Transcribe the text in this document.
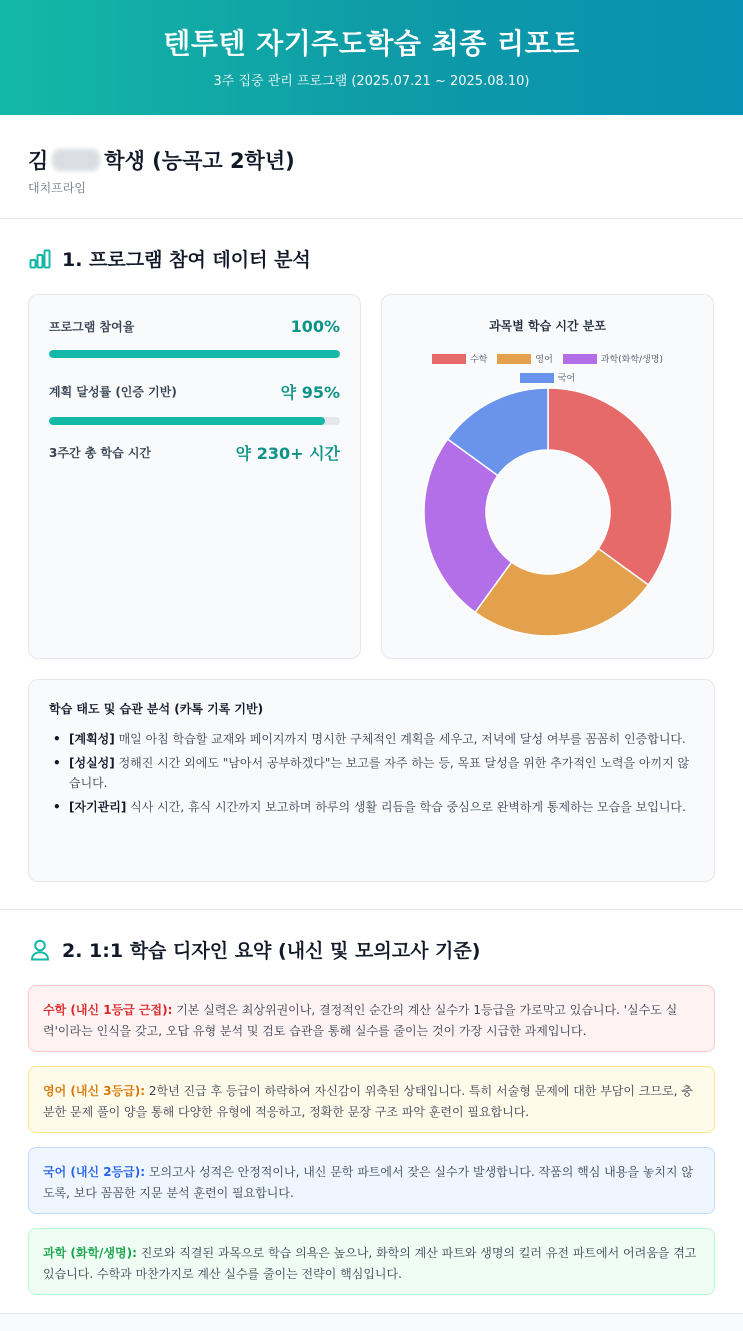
텐투텐 자기주도학습 최종 리포트
3주 집중 관리 프로그램 (2025.07.21 ~ 2025.08.10)
김	학생 (능곡고 2학년)
대치프라임
1. 프로그램 참여 데이터 분석
프로그램 참여율	100%
계획 달성률 (인증 기반)	약 95%
3주간 총 학습 시간	약 230+ 시간
과목별 학습 시간 분포
수학	영어	과학(화학/생명)
국어
학습 태도 및 습관 분석 (카톡 기록 기반)
• [계획성] 매일 아침 학습할 교재와 페이지까지 명시한 구체적인 계획을 세우고, 저녁에 달성 여부를 꼼꼼히 인증합니다.
• [성실성] 정해진 시간 외에도 "남아서 공부하겠다"는 보고를 자주 하는 등, 목표 달성을 위한 추가적인 노력을 아끼지 않습니다.
• [자기관리] 식사 시간, 휴식 시간까지 보고하며 하루의 생활 리듬을 학습 중심으로 완벽하게 통제하는 모습을 보입니다.
2. 1:1 학습 디자인 요약 (내신 및 모의고사 기준)
수학 (내신 1등급 근접): 기본 실력은 최상위권이나, 결정적인 순간의 계산 실수가 1등급을 가로막고 있습니다. '실수도 실력'이라는 인식을 갖고, 오답 유형 분석 및 검토 습관을 통해 실수를 줄이는 것이 가장 시급한 과제입니다.
영어 (내신 3등급): 2학년 진급 후 등급이 하락하여 자신감이 위축된 상태입니다. 특히 서술형 문제에 대한 부담이 크므로, 충분한 문제 풀이 양을 통해 다양한 유형에 적응하고, 정확한 문장 구조 파악 훈련이 필요합니다.
국어 (내신 2등급): 모의고사 성적은 안정적이나, 내신 문학 파트에서 잦은 실수가 발생합니다. 작품의 핵심 내용을 놓치지 않도록, 보다 꼼꼼한 지문 분석 훈련이 필요합니다.
과학 (화학/생명): 진로와 직결된 과목으로 학습 의욕은 높으나, 화학의 계산 파트와 생명의 킬러 유전 파트에서 어려움을 겪고 있습니다. 수학과 마찬가지로 계산 실수를 줄이는 전략이 핵심입니다.
